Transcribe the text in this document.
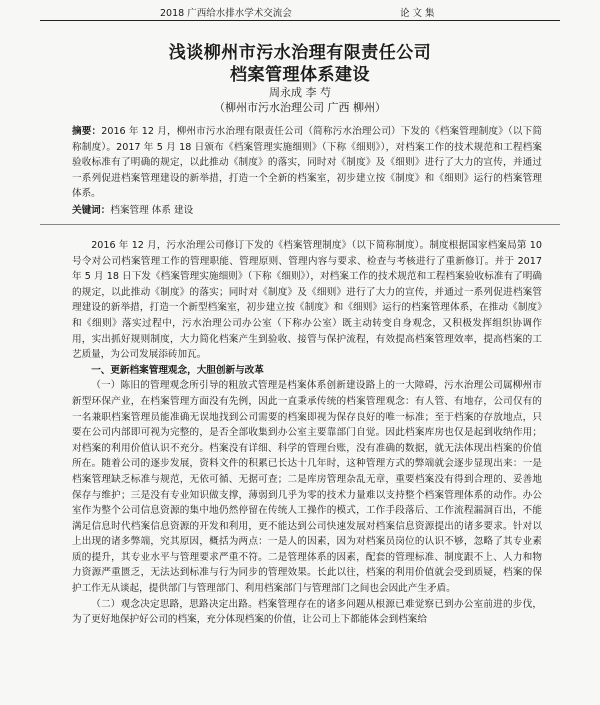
2018 广西给水排水学术交流会	论 文 集
浅谈柳州市污水治理有限责任公司
档案管理体系建设
周永成 李 芍
（柳州市污水治理公司 广西 柳州）
摘要：2016 年 12 月，柳州市污水治理有限责任公司（简称污水治理公司）下发的《档案管理制度》（以下简称制度）。2017 年 5 月 18 日颁布《档案管理实施细则》（下称《细则》），对档案工作的技术规范和工程档案验收标准有了明确的规定，以此推动《制度》的落实，同时对《制度》及《细则》进行了大力的宣传，并通过一系列促进档案管理建设的新举措，打造一个全新的档案室，初步建立按《制度》和《细则》运行的档案管理体系。
关键词：档案管理 体系 建设

2016 年 12 月，污水治理公司修订下发的《档案管理制度》（以下简称制度）。制度根据国家档案局第 10 号令对公司档案管理工作的管理职能、管理原则、管理内容与要求、检查与考核进行了重新修订。并于 2017 年 5 月 18 日下发《档案管理实施细则》（下称《细则》），对档案工作的技术规范和工程档案验收标准有了明确的规定，以此推动《制度》的落实；同时对《制度》及《细则》进行了大力的宣传，并通过一系列促进档案管理建设的新举措，打造一个新型档案室，初步建立按《制度》和《细则》运行的档案管理体系，在推动《制度》和《细则》落实过程中，污水治理公司办公室（下称办公室）既主动转变自身观念，又积极发挥组织协调作用，实出抓好规则制度，大力简化档案产生到验收、接管与保护流程，有效提高档案管理效率，提高档案的工艺质量，为公司发展添砖加瓦。

一、更新档案管理观念，大胆创新与改革

（一）陈旧的管理观念所引导的粗放式管理是档案体系创新建设路上的一大障碍，污水治理公司属柳州市新型环保产业，在档案管理方面没有先例，因此一直秉承传统的档案管理观念：有人管、有地存，公司仅有的一名兼职档案管理员能准确无误地找到公司需要的档案即视为保存良好的唯一标准；至于档案的存放地点，只要在公司内部即可视为完整的，是否全部收集到办公室主要靠部门自觉。因此档案库房也仅是起到收纳作用；对档案的利用价值认识不充分。档案没有详细、科学的管理台账，没有准确的数据，就无法体现出档案的价值所在。随着公司的逐步发展，资料文件的积累已长达十几年时，这种管理方式的弊端就会逐步显现出来：一是档案管理缺乏标准与规范，无依可循、无据可查；二是库房管理杂乱无章，重要档案没有得到合理的、妥善地保存与维护；三是没有专业知识做支撑，薄弱到几乎为零的技术力量难以支持整个档案管理体系的动作。办公室作为整个公司信息资源的集中地仍然停留在传统人工操作的模式，工作手段落后、工作流程漏洞百出，不能满足信息时代档案信息资源的开发和利用，更不能达到公司快速发展对档案信息资源提出的诸多要求。针对以上出现的诸多弊端，究其原因，概括为两点：一是人的因素，因为对档案员岗位的认识不够，忽略了其专业素质的提升，其专业水平与管理要求严重不符。二是管理体系的因素，配套的管理标准、制度跟不上、人力和物力资源严重匮乏，无法达到标准与行为同步的管理效果。长此以往，档案的利用价值就会受到质疑，档案的保护工作无从谈起，提供部门与管理部门、利用档案部门与管理部门之间也会因此产生矛盾。

（二）观念决定思路，思路决定出路。档案管理存在的诸多问题从根源已难觉察已到办公室前进的步伐，为了更好地保护好公司的档案，充分体现档案的价值，让公司上下都能体会到档案给
